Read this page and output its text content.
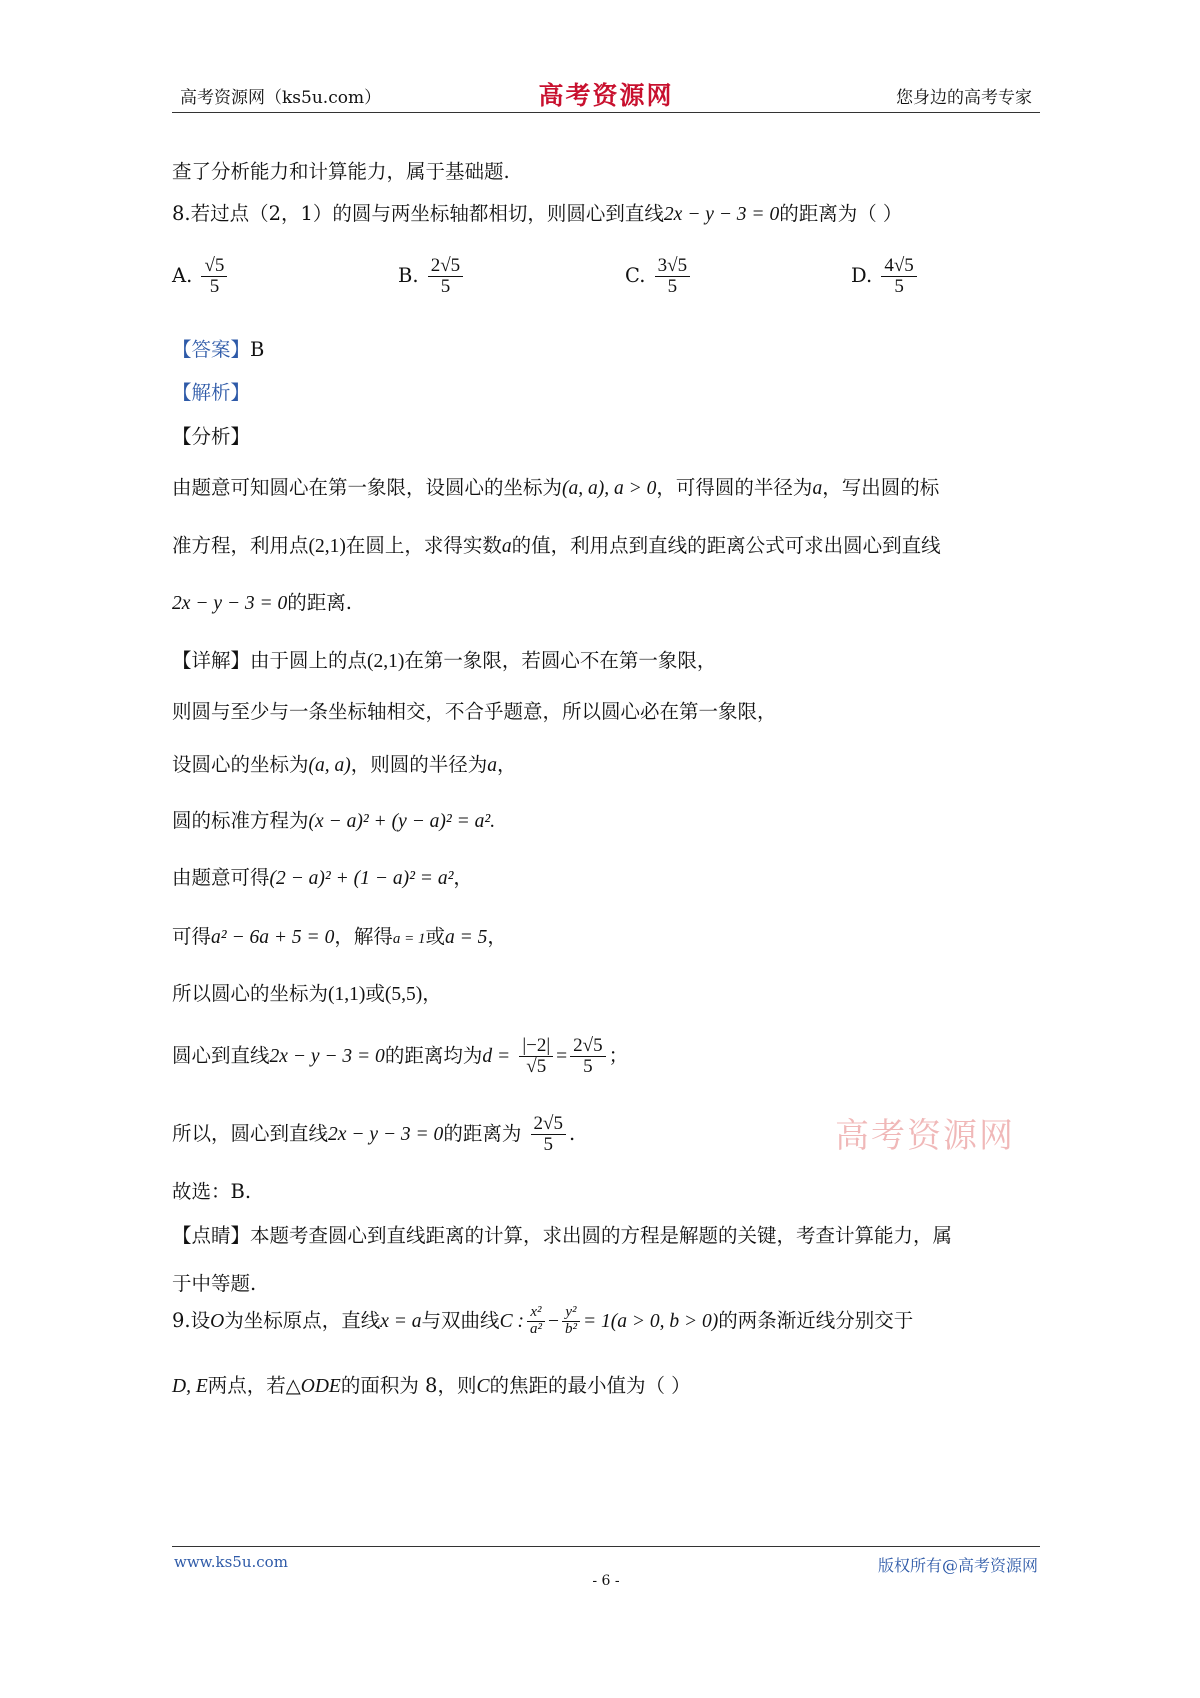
高考资源网（ks5u.com）	高考资源网	您身边的高考专家
查了分析能力和计算能力，属于基础题.
8.若过点（2，1）的圆与两坐标轴都相切，则圆心到直线2x − y − 3 = 0的距离为（ ）
A. $\frac{√5}{5}$	B. $\frac{2√5}{5}$	C. $\frac{3√5}{5}$	D. $\frac{4√5}{5}$
【答案】B
【解析】
【分析】
由题意可知圆心在第一象限，设圆心的坐标为(a, a), a > 0，可得圆的半径为a，写出圆的标
准方程，利用点(2,1)在圆上，求得实数a的值，利用点到直线的距离公式可求出圆心到直线
2x − y − 3 = 0的距离.
【详解】由于圆上的点(2,1)在第一象限，若圆心不在第一象限，
则圆与至少与一条坐标轴相交，不合乎题意，所以圆心必在第一象限，
设圆心的坐标为(a, a)，则圆的半径为a，
圆的标准方程为(x − a)² + (y − a)² = a².
由题意可得(2 − a)² + (1 − a)² = a²，
可得a² − 6a + 5 = 0，解得a = 1或a = 5，
所以圆心的坐标为(1,1)或(5,5)，
圆心到直线2x − y − 3 = 0的距离均为$d = \frac{|-2|}{√5} = \frac{2√5}{5}$ ；
所以，圆心到直线2x − y − 3 = 0的距离为 $\frac{2√5}{5}$ .
故选：B.
【点睛】本题考查圆心到直线距离的计算，求出圆的方程是解题的关键，考查计算能力，属
于中等题.
9.设O为坐标原点，直线x = a与双曲线C : $\frac{\text{x²}}{\text{a²}} - \frac{\text{y²}}{\text{b²}} = 1(a > 0$, b > 0)的两条渐近线分别交于
D, E两点，若△ODE的面积为 8，则C的焦距的最小值为（ ）
高考资源网
www.ks5u.com
- 6 -
版权所有@高考资源网
